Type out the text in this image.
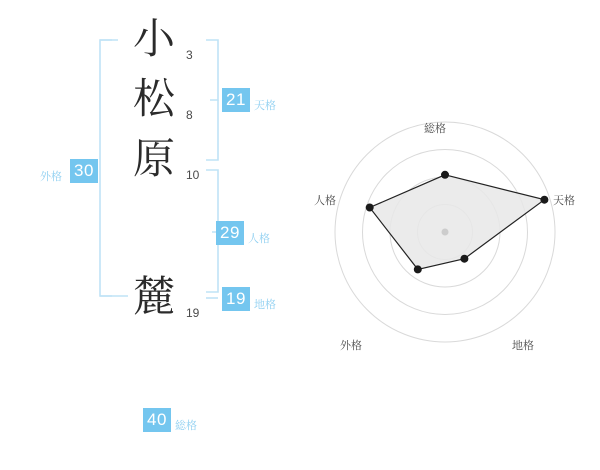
小 3
松 8
原 10
麓 19
外格 30
21 天格
29 人格
19 地格
40 総格
総格
天格
地格
外格
人格
